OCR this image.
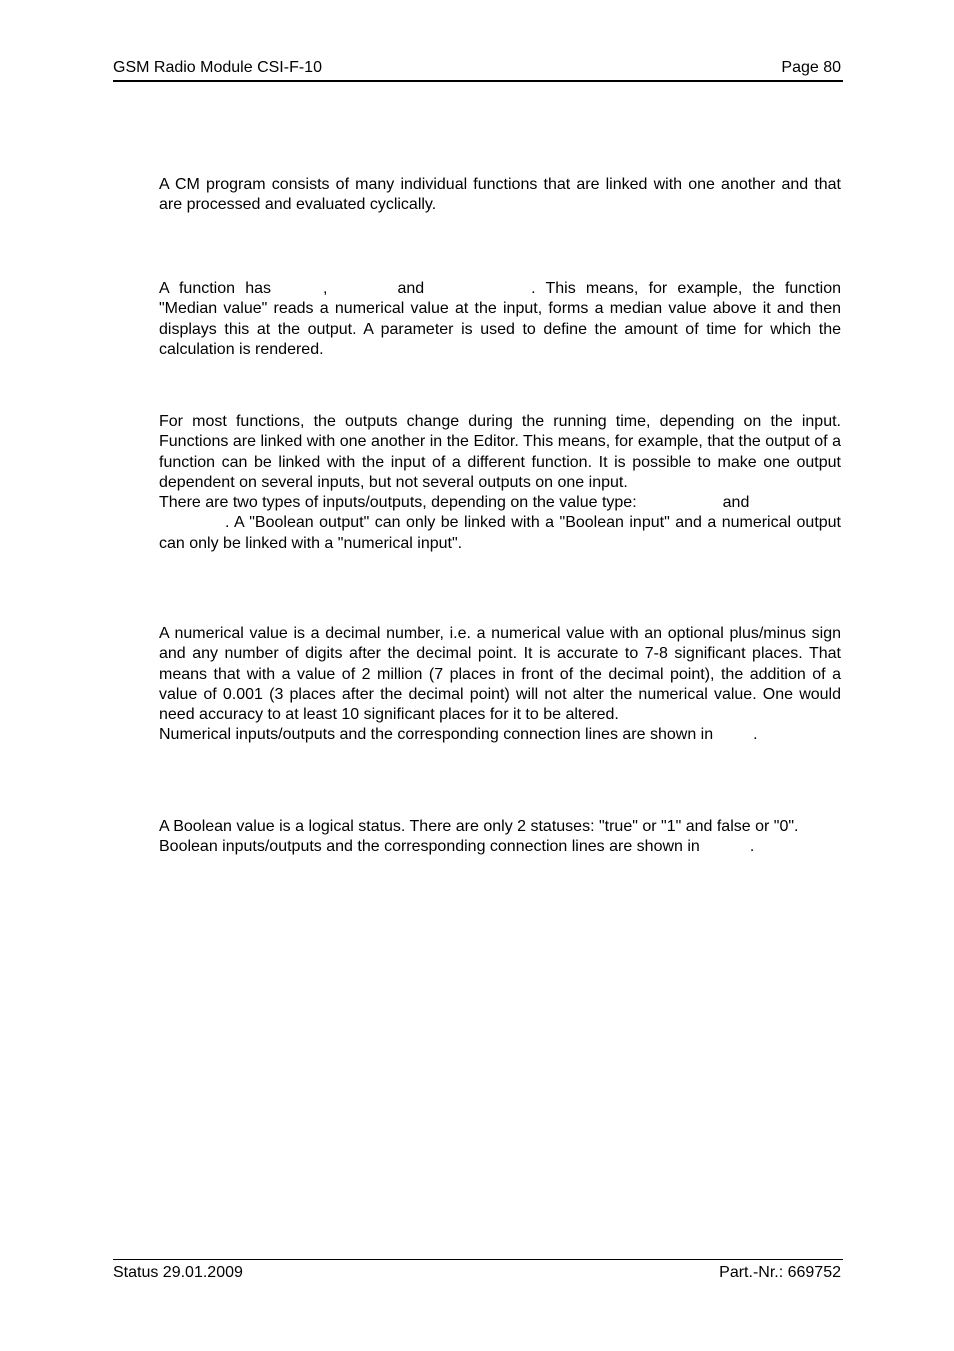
GSM Radio Module CSI-F-10	Page 80

A CM program consists of many individual functions that are linked with one another and that are processed and evaluated cyclically.

A function has	,	and	. This means, for example, the function "Median value" reads a numerical value at the input, forms a median value above it and then displays this at the output. A parameter is used to define the amount of time for which the calculation is rendered.

For most functions, the outputs change during the running time, depending on the input. Functions are linked with one another in the Editor. This means, for example, that the output of a function can be linked with the input of a different function. It is possible to make one output dependent on several inputs, but not several outputs on one input.

There are two types of inputs/outputs, depending on the value type:	and
. A "Boolean output" can only be linked with a "Boolean input" and a numerical output can only be linked with a "numerical input".

A numerical value is a decimal number, i.e. a numerical value with an optional plus/minus sign and any number of digits after the decimal point. It is accurate to 7-8 significant places. That means that with a value of 2 million (7 places in front of the decimal point), the addition of a value of 0.001 (3 places after the decimal point) will not alter the numerical value. One would need accuracy to at least 10 significant places for it to be altered.

Numerical inputs/outputs and the corresponding connection lines are shown in	.

A Boolean value is a logical status. There are only 2 statuses: "true" or "1" and false or "0".

Boolean inputs/outputs and the corresponding connection lines are shown in	.

Status 29.01.2009	Part.-Nr.: 669752
